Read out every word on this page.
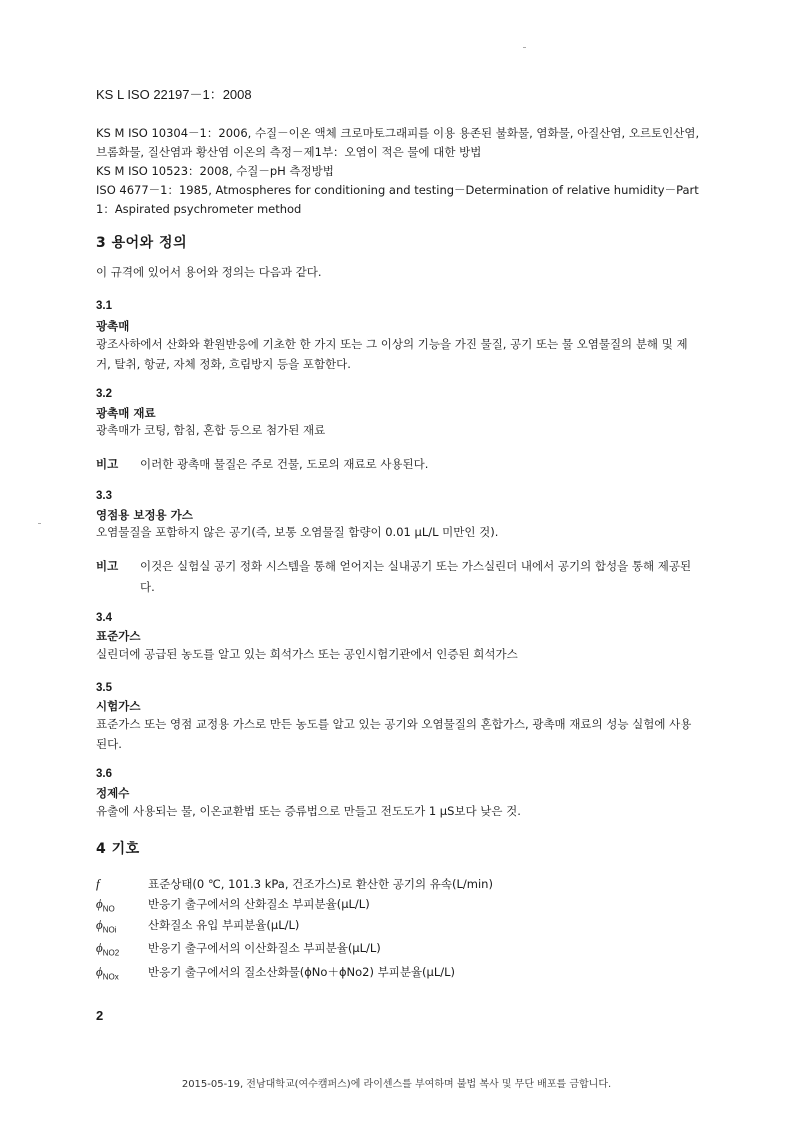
KS L ISO 22197－1：2008

KS M ISO 10304－1：2006, 수질－이온 액체 크로마토그래피를 이용 용존된 불화물, 염화물, 아질산염, 오르토인산염, 브롬화물, 질산염과 황산염 이온의 측정－제1부：오염이 적은 물에 대한 방법

KS M ISO 10523：2008, 수질－pH 측정방법

ISO 4677－1：1985, Atmospheres for conditioning and testing－Determination of relative humidity－Part 1：Aspirated psychrometer method

3 용어와 정의

이 규격에 있어서 용어와 정의는 다음과 같다.

3.1
광촉매

광조사하에서 산화와 환원반응에 기초한 한 가지 또는 그 이상의 기능을 가진 물질, 공기 또는 물 오염물질의 분해 및 제거, 탈취, 항균, 자체 정화, 흐림방지 등을 포함한다.

3.2
광촉매 재료

광촉매가 코팅, 함침, 혼합 등으로 첨가된 재료

비고	이러한 광촉매 물질은 주로 건물, 도로의 재료로 사용된다.
3.3
영점용 보정용 가스

오염물질을 포함하지 않은 공기(즉, 보통 오염물질 함량이 0.01 μL/L 미만인 것).

비고	이것은 실험실 공기 정화 시스템을 통해 얻어지는 실내공기 또는 가스실린더 내에서 공기의 합성을 통해 제공된다.
3.4
표준가스

실린더에 공급된 농도를 알고 있는 희석가스 또는 공인시험기관에서 인증된 희석가스

3.5
시험가스

표준가스 또는 영점 교정용 가스로 만든 농도를 알고 있는 공기와 오염물질의 혼합가스, 광촉매 재료의 성능 실험에 사용된다.

3.6
정제수

유출에 사용되는 물, 이온교환법 또는 증류법으로 만들고 전도도가 1 μS보다 낮은 것.

4 기호
f	표준상태(0 ℃, 101.3 kPa, 건조가스)로 환산한 공기의 유속(L/min)
$\phi_{NO}$	반응기 출구에서의 산화질소 부피분율(μL/L)
$\phi_{NOi}$	산화질소 유입 부피분율(μL/L)
$\phi_{NO2}$	반응기 출구에서의 이산화질소 부피분율(μL/L)
$\phi_{NOx}$	반응기 출구에서의 질소산화물(ϕNo＋ϕNo2) 부피분율(μL/L)
2
2015-05-19, 전남대학교(여수캠퍼스)에 라이센스를 부여하며 불법 복사 및 무단 배포를 금합니다.
